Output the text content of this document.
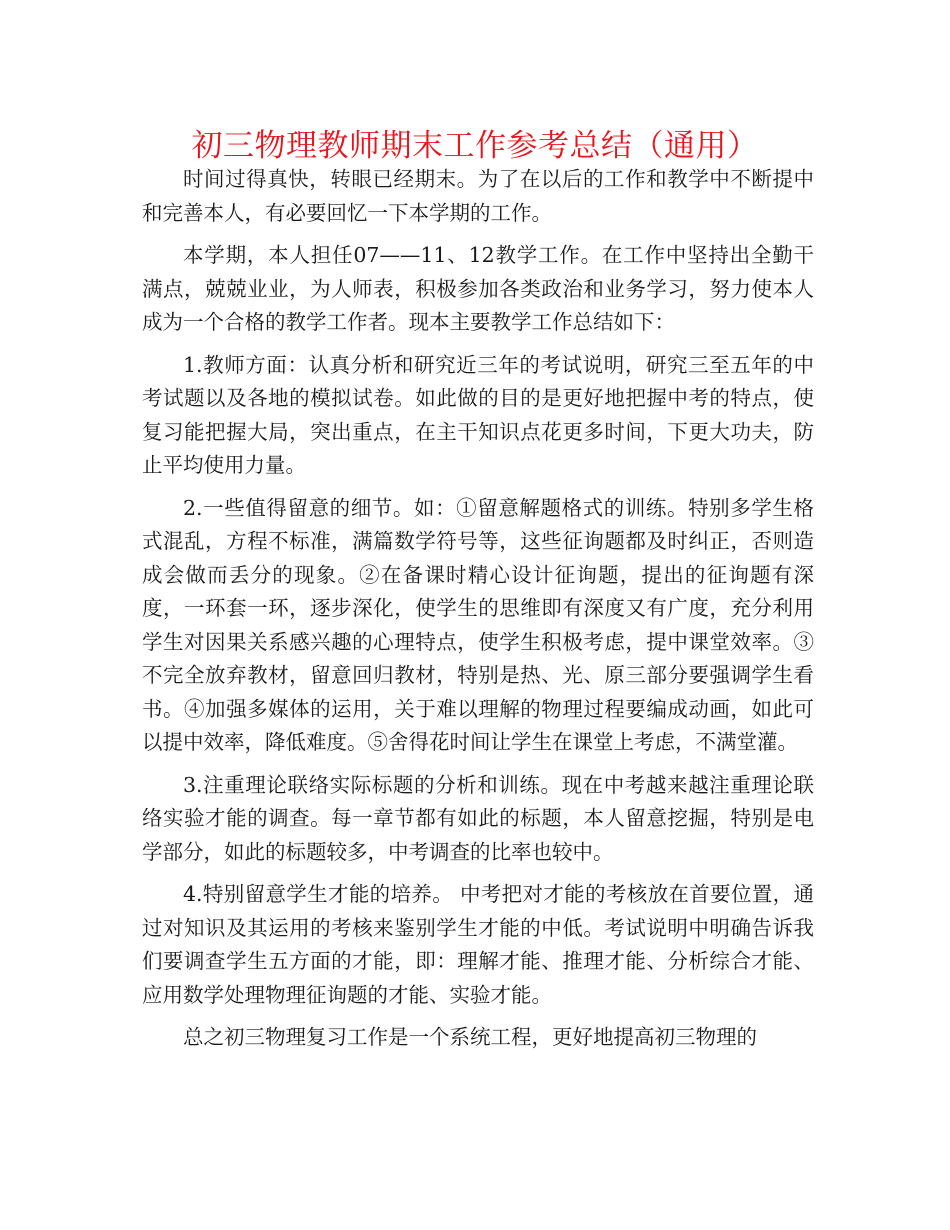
初三物理教师期末工作参考总结（通用）

时间过得真快，转眼已经期末。为了在以后的工作和教学中不断提中和完善本人，有必要回忆一下本学期的工作。

本学期，本人担任07——11、12教学工作。在工作中坚持出全勤干满点，兢兢业业，为人师表，积极参加各类政治和业务学习，努力使本人成为一个合格的教学工作者。现本主要教学工作总结如下：

1.教师方面：认真分析和研究近三年的考试说明，研究三至五年的中考试题以及各地的模拟试卷。如此做的目的是更好地把握中考的特点，使复习能把握大局，突出重点，在主干知识点花更多时间，下更大功夫，防止平均使用力量。

2.一些值得留意的细节。如：①留意解题格式的训练。特别多学生格式混乱，方程不标准，满篇数学符号等，这些征询题都及时纠正，否则造成会做而丢分的现象。②在备课时精心设计征询题，提出的征询题有深度，一环套一环，逐步深化，使学生的思维即有深度又有广度，充分利用学生对因果关系感兴趣的心理特点，使学生积极考虑，提中课堂效率。③不完全放弃教材，留意回归教材，特别是热、光、原三部分要强调学生看书。④加强多媒体的运用，关于难以理解的物理过程要编成动画，如此可以提中效率，降低难度。⑤舍得花时间让学生在课堂上考虑，不满堂灌。

3.注重理论联络实际标题的分析和训练。现在中考越来越注重理论联络实验才能的调查。每一章节都有如此的标题，本人留意挖掘，特别是电学部分，如此的标题较多，中考调查的比率也较中。

4.特别留意学生才能的培养。 中考把对才能的考核放在首要位置，通过对知识及其运用的考核来鉴别学生才能的中低。考试说明中明确告诉我们要调查学生五方面的才能，即：理解才能、推理才能、分析综合才能、应用数学处理物理征询题的才能、实验才能。

总之初三物理复习工作是一个系统工程，更好地提高初三物理的
